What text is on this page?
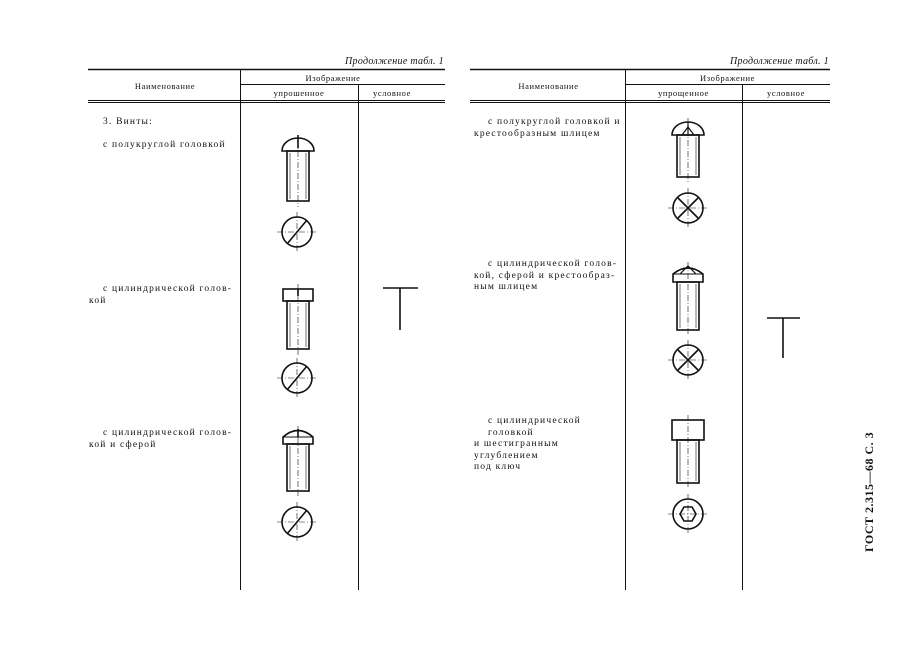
Продолжение табл. 1
Наименование
Изображение
упрошенное	условное
3. Винты:
с полукруглой головкой
с цилиндрической голов-
кой
с цилиндрической голов-
кой и сферой
Продолжение табл. 1
Наименование
Изображение
упрощенное	условное
с полукруглой головкой и
крестообразным шлицем
с цилиндрической голов-
кой, сферой и крестообраз-
ным шлицем
с цилиндрической головкой
и шестигранным углублением
под ключ	ГОСТ 2.315—68 С. 3
